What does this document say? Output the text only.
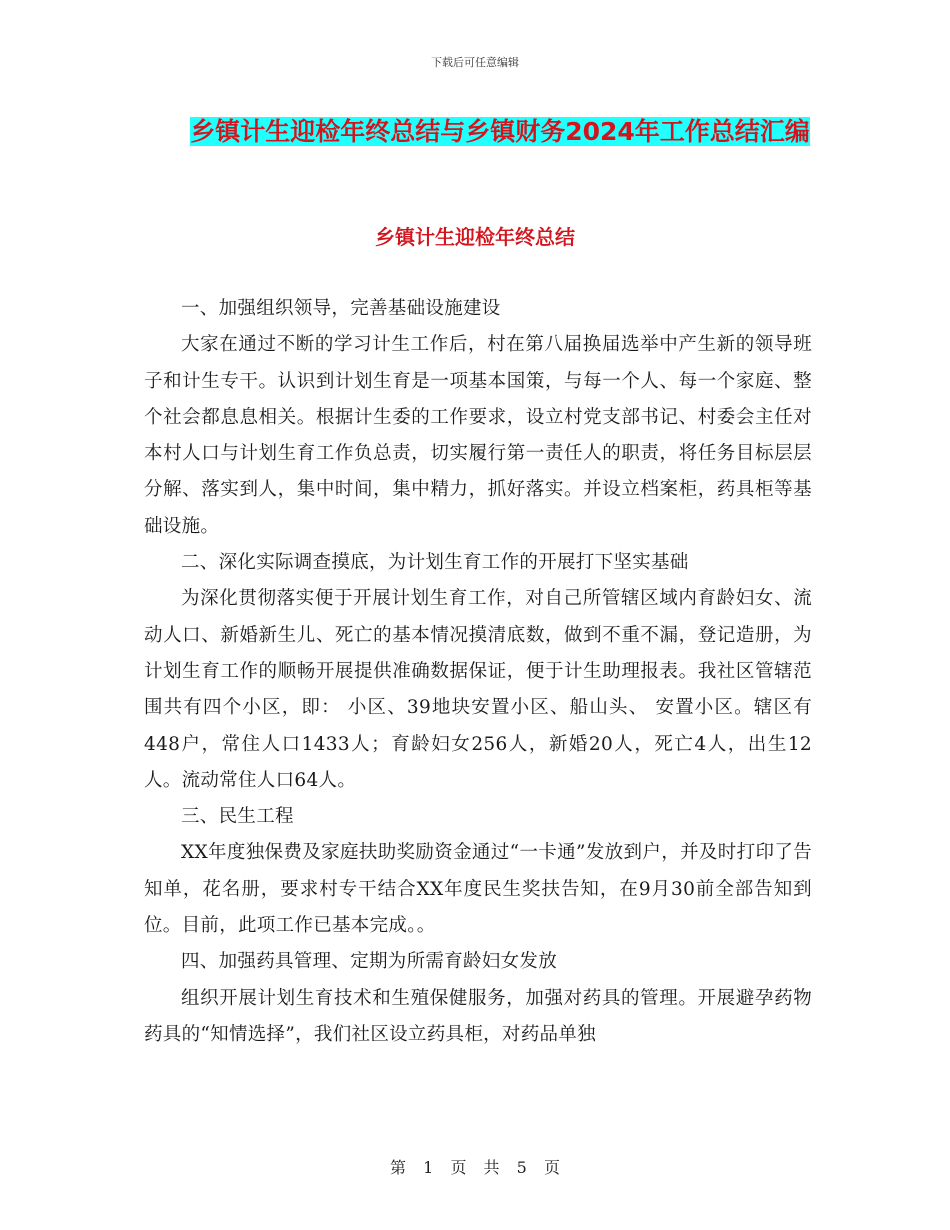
下载后可任意编辑
乡镇计生迎检年终总结与乡镇财务2024年工作总结汇编
乡镇计生迎检年终总结

一、加强组织领导，完善基础设施建设

大家在通过不断的学习计生工作后，村在第八届换届选举中产生新的领导班子和计生专干。认识到计划生育是一项基本国策，与每一个人、每一个家庭、整个社会都息息相关。根据计生委的工作要求，设立村党支部书记、村委会主任对本村人口与计划生育工作负总责，切实履行第一责任人的职责，将任务目标层层分解、落实到人，集中时间，集中精力，抓好落实。并设立档案柜，药具柜等基础设施。

二、深化实际调查摸底，为计划生育工作的开展打下坚实基础

为深化贯彻落实便于开展计划生育工作，对自己所管辖区域内育龄妇女、流动人口、新婚新生儿、死亡的基本情况摸清底数，做到不重不漏，登记造册，为计划生育工作的顺畅开展提供准确数据保证，便于计生助理报表。我社区管辖范围共有四个小区，即： 小区、39地块安置小区、船山头、 安置小区。辖区有448户，常住人口1433人；育龄妇女256人，新婚20人，死亡4人，出生12人。流动常住人口64人。

三、民生工程

XX年度独保费及家庭扶助奖励资金通过“一卡通”发放到户，并及时打印了告知单，花名册，要求村专干结合XX年度民生奖扶告知，在9月30前全部告知到位。目前，此项工作已基本完成。。

四、加强药具管理、定期为所需育龄妇女发放

组织开展计划生育技术和生殖保健服务，加强对药具的管理。开展避孕药物药具的“知情选择”，我们社区设立药具柜，对药品单独

第 1 页 共 5 页
